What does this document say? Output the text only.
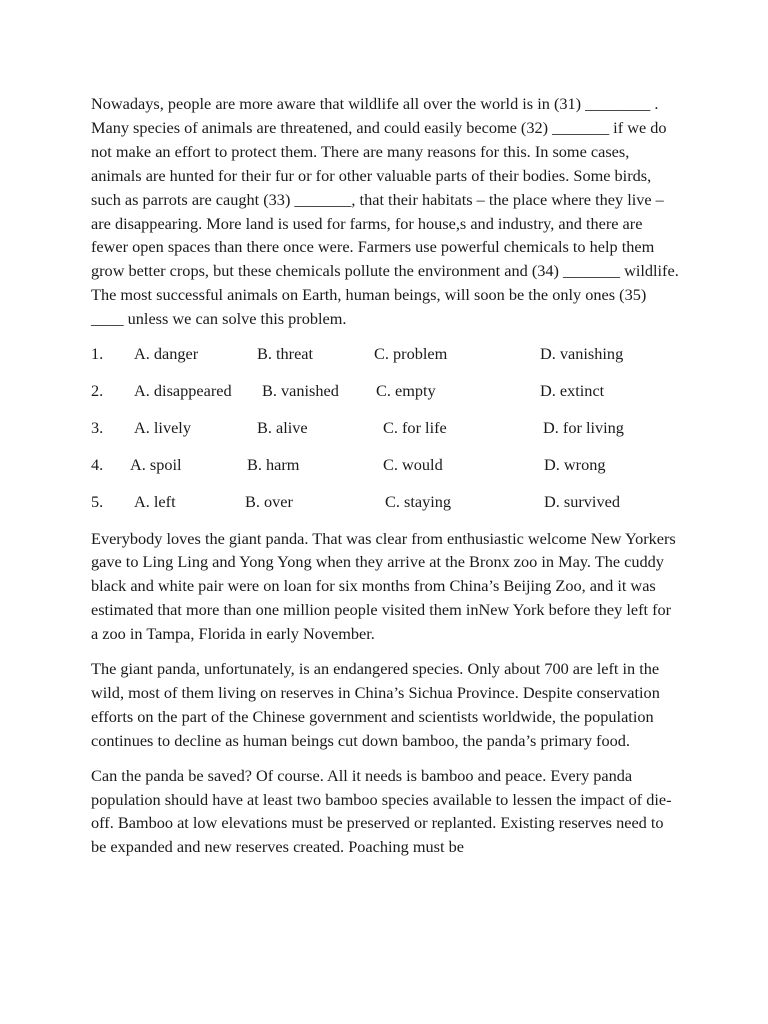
Nowadays, people are more aware that wildlife all over the world is in (31) ________ . Many species of animals are threatened, and could easily become (32) _______ if we do not make an effort to protect them. There are many reasons for this. In some cases, animals are hunted for their fur or for other valuable parts of their bodies. Some birds, such as parrots are caught (33) _______, that their habitats – the place where they live – are disappearing. More land is used for farms, for house,s and industry, and there are fewer open spaces than there once were. Farmers use powerful chemicals to help them grow better crops, but these chemicals pollute the environment and (34) _______ wildlife. The most successful animals on Earth, human beings, will soon be the only ones (35) ____ unless we can solve this problem.

1. A. danger	B. threat	C. problem	D. vanishing
2. A. disappeared B. vanished C. empty	D. extinct
3. A. lively	B. alive	C. for life	D. for living
4. A. spoil	B. harm	C. would	D. wrong
5. A. left	B. over	C. staying	D. survived

Everybody loves the giant panda. That was clear from enthusiastic welcome New Yorkers gave to Ling Ling and Yong Yong when they arrive at the Bronx zoo in May. The cuddy black and white pair were on loan for six months from China’s Beijing Zoo, and it was estimated that more than one million people visited them inNew York before they left for a zoo in Tampa, Florida in early November.

The giant panda, unfortunately, is an endangered species. Only about 700 are left in the wild, most of them living on reserves in China’s Sichua Province. Despite conservation efforts on the part of the Chinese government and scientists worldwide, the population continues to decline as human beings cut down bamboo, the panda’s primary food.

Can the panda be saved? Of course. All it needs is bamboo and peace. Every panda population should have at least two bamboo species available to lessen the impact of die-off. Bamboo at low elevations must be preserved or replanted. Existing reserves need to be expanded and new reserves created. Poaching must be
